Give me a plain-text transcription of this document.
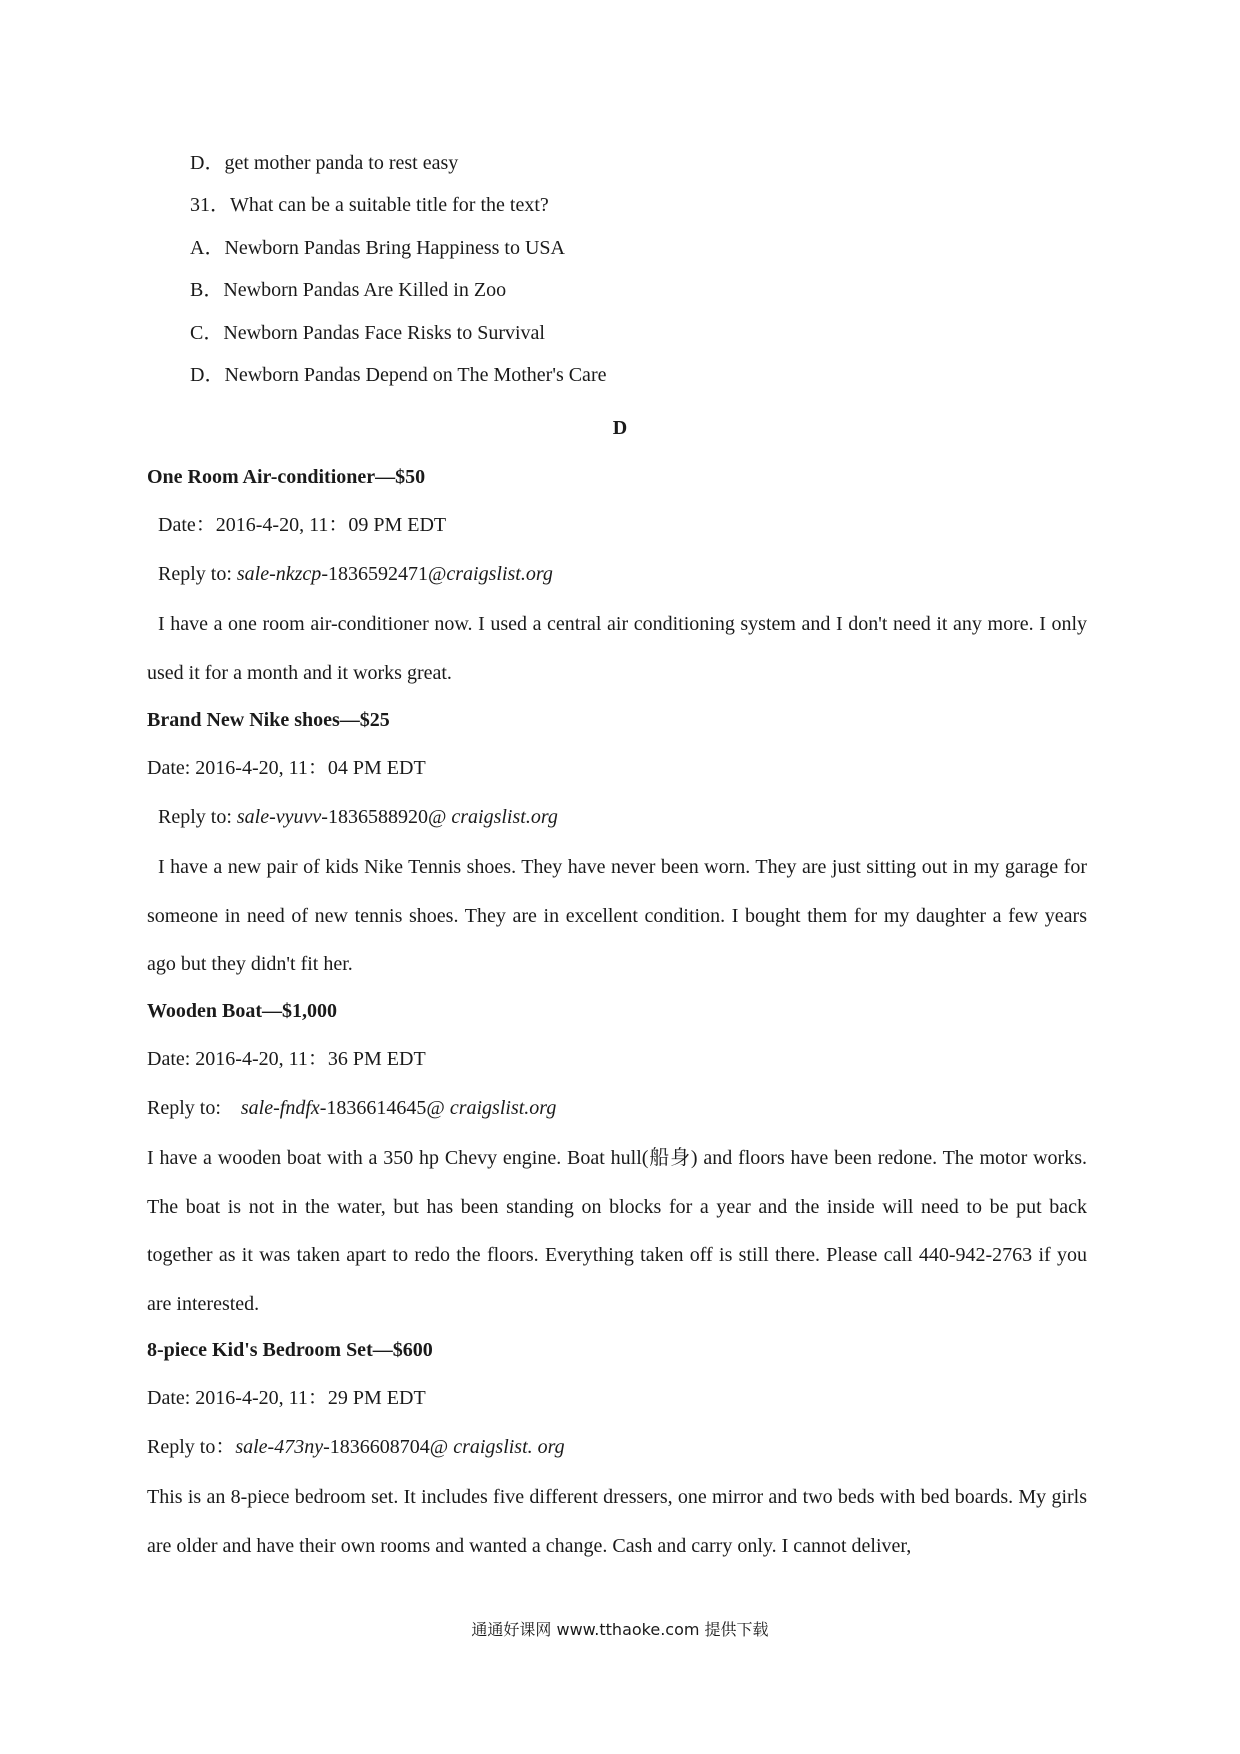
D．get mother panda to rest easy
31．What can be a suitable title for the text?
A．Newborn Pandas Bring Happiness to USA
B．Newborn Pandas Are Killed in Zoo
C．Newborn Pandas Face Risks to Survival
D．Newborn Pandas Depend on The Mother's Care
D
One Room Air-conditioner—$50
Date：2016-4-20, 11：09 PM EDT
Reply to: sale-nkzcp-1836592471@craigslist.org
I have a one room air-conditioner now. I used a central air conditioning system and I don't need it any more. I only used it for a month and it works great.
Brand New Nike shoes—$25
Date: 2016-4-20, 11：04 PM EDT
Reply to: sale-vyuvv-1836588920@ craigslist.org
I have a new pair of kids Nike Tennis shoes. They have never been worn. They are just sitting out in my garage for someone in need of new tennis shoes. They are in excellent condition. I bought them for my daughter a few years ago but they didn't fit her.
Wooden Boat—$1,000
Date: 2016-4-20, 11：36 PM EDT
Reply to:    sale-fndfx-1836614645@ craigslist.org
I have a wooden boat with a 350 hp Chevy engine. Boat hull(船身) and floors have been redone. The motor works. The boat is not in the water, but has been standing on blocks for a year and the inside will need to be put back together as it was taken apart to redo the floors. Everything taken off is still there. Please call 440-942-2763 if you are interested.
8-piece Kid's Bedroom Set—$600
Date: 2016-4-20, 11：29 PM EDT
Reply to：sale-473ny-1836608704@ craigslist. org
This is an 8-piece bedroom set. It includes five different dressers, one mirror and two beds with bed boards. My girls are older and have their own rooms and wanted a change. Cash and carry only. I cannot deliver,
通通好课网 www.tthaoke.com 提供下载
